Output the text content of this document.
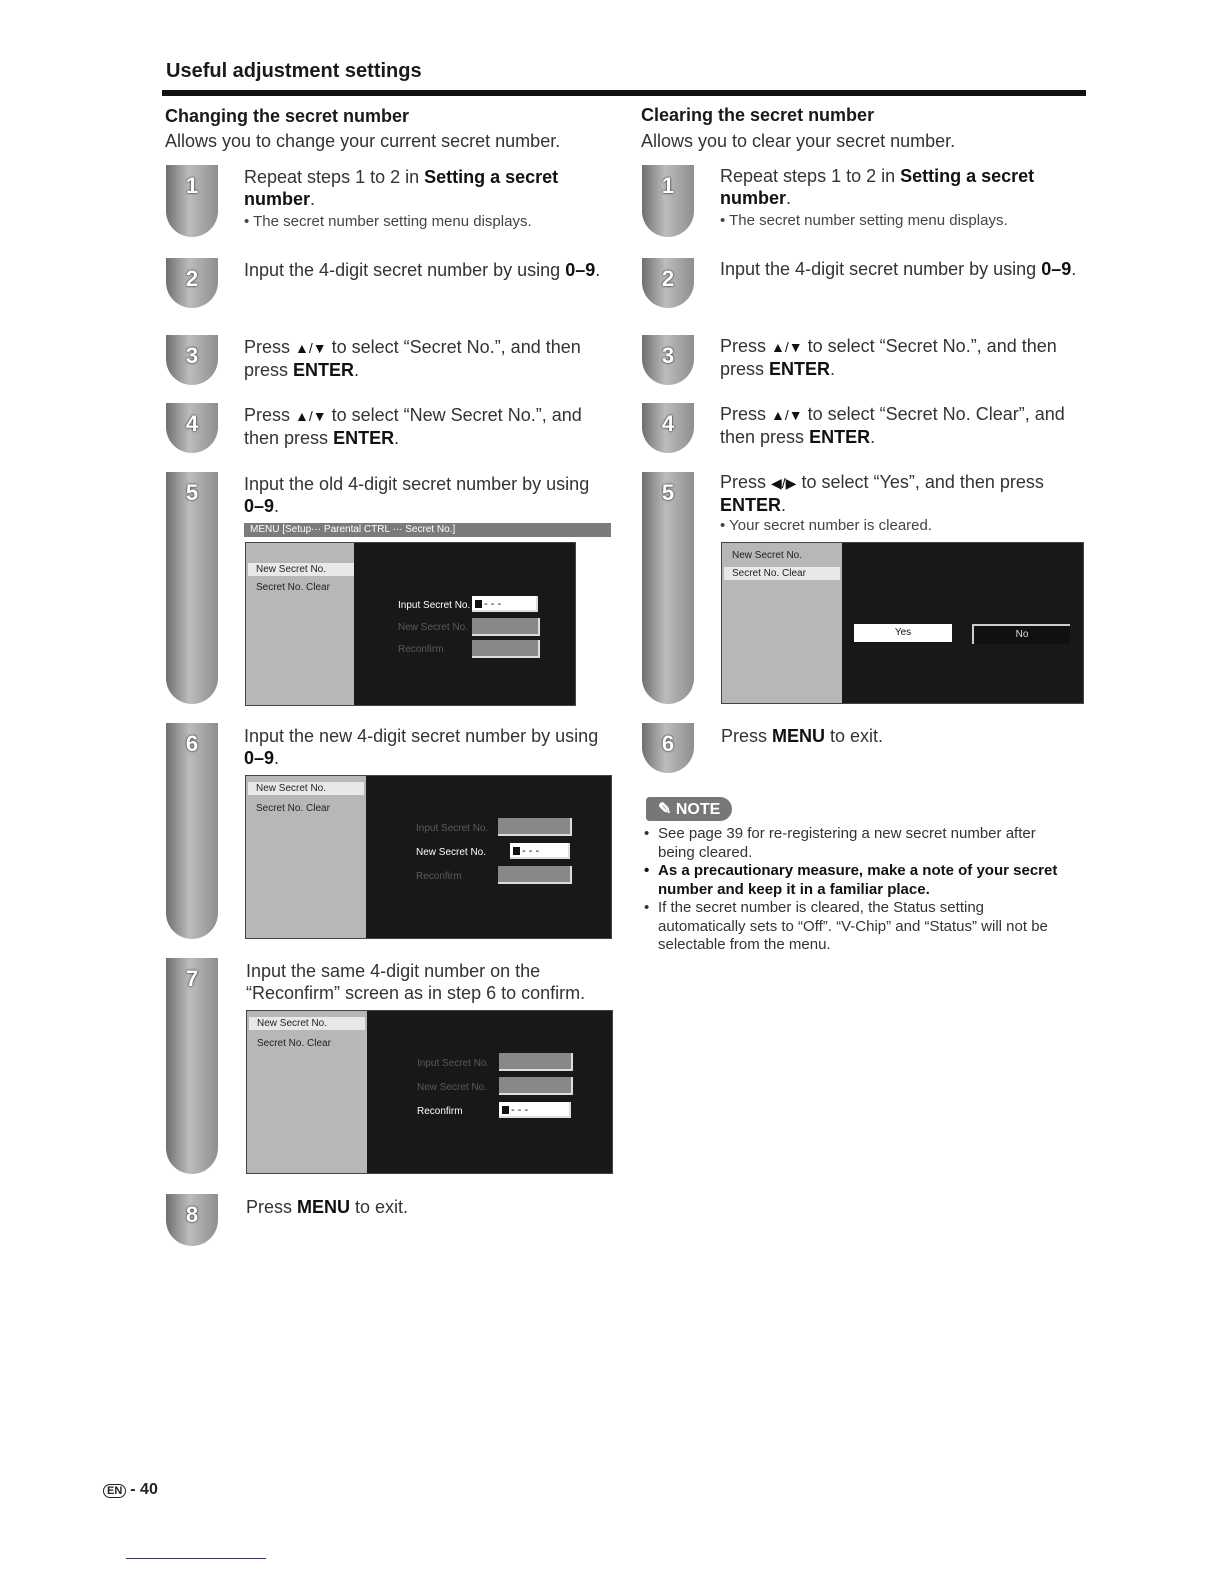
Useful adjustment settings
Changing the secret number
Allows you to change your current secret number.
1
2
3
4
5
6
7
8
Repeat steps 1 to 2 in Setting a secret number.
• The secret number setting menu displays.
Input the 4-digit secret number by using 0–9.
Press ▲/▼ to select “Secret No.”, and then press ENTER.
Press ▲/▼ to select “New Secret No.”, and then press ENTER.
Input the old 4-digit secret number by using 0–9.
MENU [Setup··· Parental CTRL ··· Secret No.]
New Secret No.
Secret No. Clear
Input Secret No.	- - -
New Secret No.
Reconfirm
Input the new 4-digit secret number by using 0–9.
New Secret No.
Secret No. Clear
Input Secret No.
New Secret No.	- - -
Reconfirm
Input the same 4-digit number on the “Reconfirm” screen as in step 6 to confirm.
New Secret No.
Secret No. Clear
Input Secret No.
New Secret No.
Reconfirm	- - -
Press MENU to exit.
Clearing the secret number
Allows you to clear your secret number.
1
2
3
4
5
6
Repeat steps 1 to 2 in Setting a secret number.
• The secret number setting menu displays.
Input the 4-digit secret number by using 0–9.
Press ▲/▼ to select “Secret No.”, and then press ENTER.
Press ▲/▼ to select “Secret No. Clear”, and then press ENTER.
Press ◀/▶ to select “Yes”, and then press ENTER.
• Your secret number is cleared.
New Secret No.
Secret No. Clear
Yes	No
Press MENU to exit.
✎ NOTE
• See page 39 for re-registering a new secret number after being cleared.
• As a precautionary measure, make a note of your secret number and keep it in a familiar place.
• If the secret number is cleared, the Status setting automatically sets to “Off”. “V-Chip” and “Status” will not be selectable from the menu.
EN - 40
